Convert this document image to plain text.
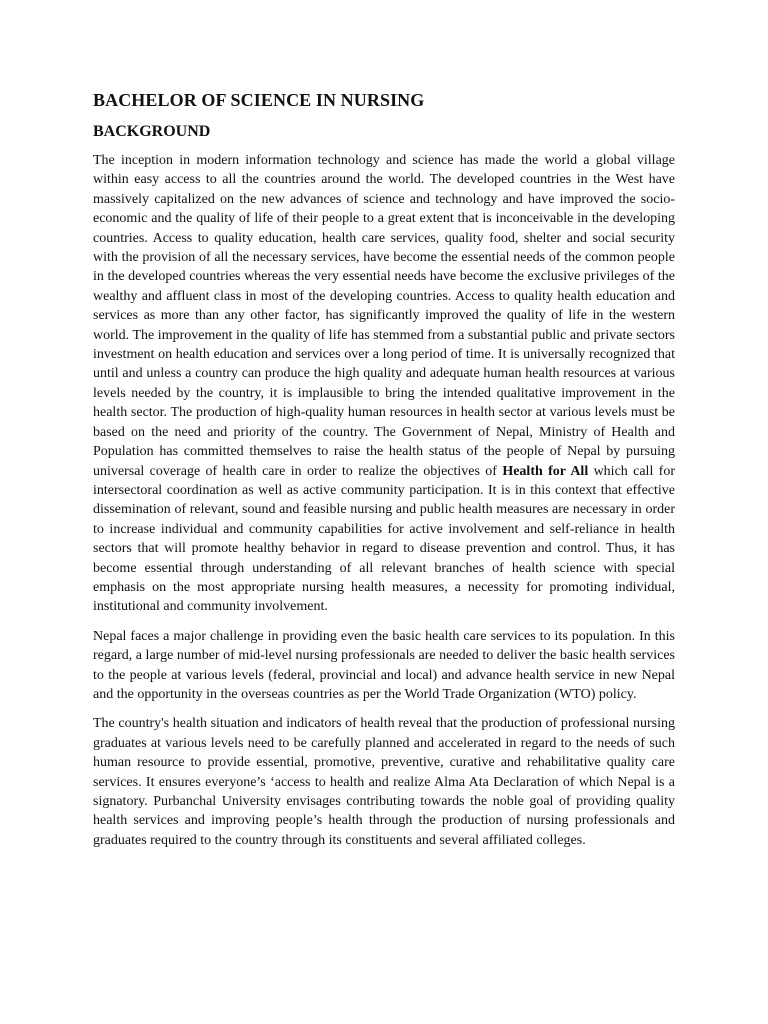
BACHELOR OF SCIENCE IN NURSING
BACKGROUND

The inception in modern information technology and science has made the world a global village within easy access to all the countries around the world. The developed countries in the West have massively capitalized on the new advances of science and technology and have improved the socio-economic and the quality of life of their people to a great extent that is inconceivable in the developing countries. Access to quality education, health care services, quality food, shelter and social security with the provision of all the necessary services, have become the essential needs of the common people in the developed countries whereas the very essential needs have become the exclusive privileges of the wealthy and affluent class in most of the developing countries. Access to quality health education and services as more than any other factor, has significantly improved the quality of life in the western world. The improvement in the quality of life has stemmed from a substantial public and private sectors investment on health education and services over a long period of time. It is universally recognized that until and unless a country can produce the high quality and adequate human health resources at various levels needed by the country, it is implausible to bring the intended qualitative improvement in the health sector. The production of high-quality human resources in health sector at various levels must be based on the need and priority of the country. The Government of Nepal, Ministry of Health and Population has committed themselves to raise the health status of the people of Nepal by pursuing universal coverage of health care in order to realize the objectives of Health for All which call for intersectoral coordination as well as active community participation. It is in this context that effective dissemination of relevant, sound and feasible nursing and public health measures are necessary in order to increase individual and community capabilities for active involvement and self-reliance in health sectors that will promote healthy behavior in regard to disease prevention and control. Thus, it has become essential through understanding of all relevant branches of health science with special emphasis on the most appropriate nursing health measures, a necessity for promoting individual, institutional and community involvement.

Nepal faces a major challenge in providing even the basic health care services to its population. In this regard, a large number of mid-level nursing professionals are needed to deliver the basic health services to the people at various levels (federal, provincial and local) and advance health service in new Nepal and the opportunity in the overseas countries as per the World Trade Organization (WTO) policy.

The country's health situation and indicators of health reveal that the production of professional nursing graduates at various levels need to be carefully planned and accelerated in regard to the needs of such human resource to provide essential, promotive, preventive, curative and rehabilitative quality care services. It ensures everyone’s ‘access to health and realize Alma Ata Declaration of which Nepal is a signatory. Purbanchal University envisages contributing towards the noble goal of providing quality health services and improving people’s health through the production of nursing professionals and graduates required to the country through its constituents and several affiliated colleges.
